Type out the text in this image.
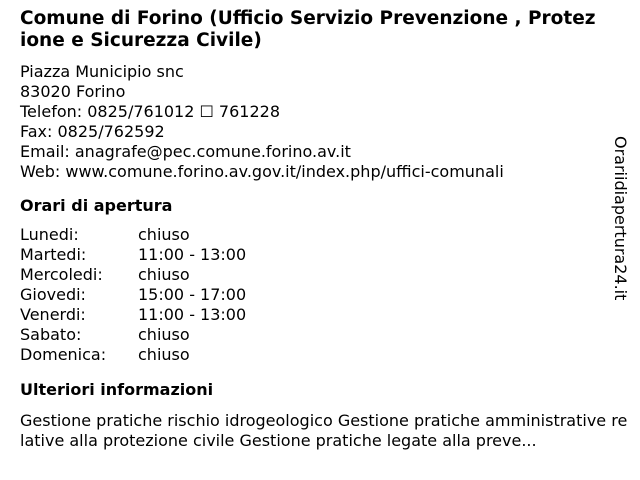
Comune di Forino (Ufficio Servizio Prevenzione , Protezione e Sicurezza Civile)
Piazza Municipio snc
83020 Forino
Telefon: 0825/761012 ☐ 761228
Fax: 0825/762592
Email: anagrafe@pec.comune.forino.av.it
Web: www.comune.forino.av.gov.it/index.php/uffici-comunali
Orari di apertura
Lunedi:	chiuso
Martedi:	11:00 - 13:00
Mercoledi:	chiuso
Giovedi:	15:00 - 17:00
Venerdi:	11:00 - 13:00
Sabato:	chiuso
Domenica:	chiuso
Ulteriori informazioni
Gestione pratiche rischio idrogeologico Gestione pratiche amministrative relative alla protezione civile Gestione pratiche legate alla preve...
Orariidiapertura24.it
